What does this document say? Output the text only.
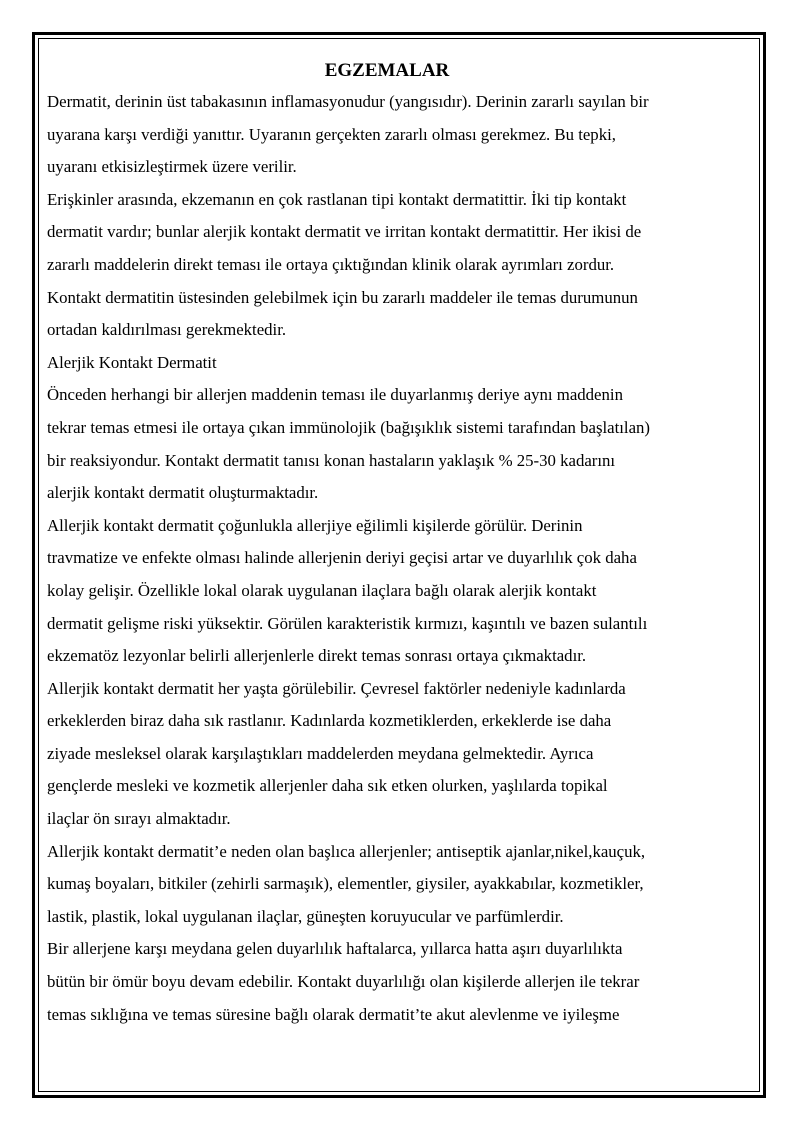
EGZEMALAR

Dermatit, derinin üst tabakasının inflamasyonudur (yangısıdır). Derinin zararlı sayılan bir
uyarana karşı verdiği yanıttır. Uyaranın gerçekten zararlı olması gerekmez. Bu tepki,
uyaranı etkisizleştirmek üzere verilir.

Erişkinler arasında, ekzemanın en çok rastlanan tipi kontakt dermatittir. İki tip kontakt
dermatit vardır; bunlar alerjik kontakt dermatit ve irritan kontakt dermatittir. Her ikisi de
zararlı maddelerin direkt teması ile ortaya çıktığından klinik olarak ayrımları zordur.
Kontakt dermatitin üstesinden gelebilmek için bu zararlı maddeler ile temas durumunun
ortadan kaldırılması gerekmektedir.

Alerjik Kontakt Dermatit

Önceden herhangi bir allerjen maddenin teması ile duyarlanmış deriye aynı maddenin
tekrar temas etmesi ile ortaya çıkan immünolojik (bağışıklık sistemi tarafından başlatılan)
bir reaksiyondur. Kontakt dermatit tanısı konan hastaların yaklaşık % 25-30 kadarını
alerjik kontakt dermatit oluşturmaktadır.

Allerjik kontakt dermatit çoğunlukla allerjiye eğilimli kişilerde görülür. Derinin
travmatize ve enfekte olması halinde allerjenin deriyi geçisi artar ve duyarlılık çok daha
kolay gelişir. Özellikle lokal olarak uygulanan ilaçlara bağlı olarak alerjik kontakt
dermatit gelişme riski yüksektir. Görülen karakteristik kırmızı, kaşıntılı ve bazen sulantılı
ekzematöz lezyonlar belirli allerjenlerle direkt temas sonrası ortaya çıkmaktadır.

Allerjik kontakt dermatit her yaşta görülebilir. Çevresel faktörler nedeniyle kadınlarda
erkeklerden biraz daha sık rastlanır. Kadınlarda kozmetiklerden, erkeklerde ise daha
ziyade mesleksel olarak karşılaştıkları maddelerden meydana gelmektedir. Ayrıca
gençlerde mesleki ve kozmetik allerjenler daha sık etken olurken, yaşlılarda topikal
ilaçlar ön sırayı almaktadır.

Allerjik kontakt dermatit’e neden olan başlıca allerjenler; antiseptik ajanlar,nikel,kauçuk,
kumaş boyaları, bitkiler (zehirli sarmaşık), elementler, giysiler, ayakkabılar, kozmetikler,
lastik, plastik, lokal uygulanan ilaçlar, güneşten koruyucular ve parfümlerdir.

Bir allerjene karşı meydana gelen duyarlılık haftalarca, yıllarca hatta aşırı duyarlılıkta
bütün bir ömür boyu devam edebilir. Kontakt duyarlılığı olan kişilerde allerjen ile tekrar
temas sıklığına ve temas süresine bağlı olarak dermatit’te akut alevlenme ve iyileşme
